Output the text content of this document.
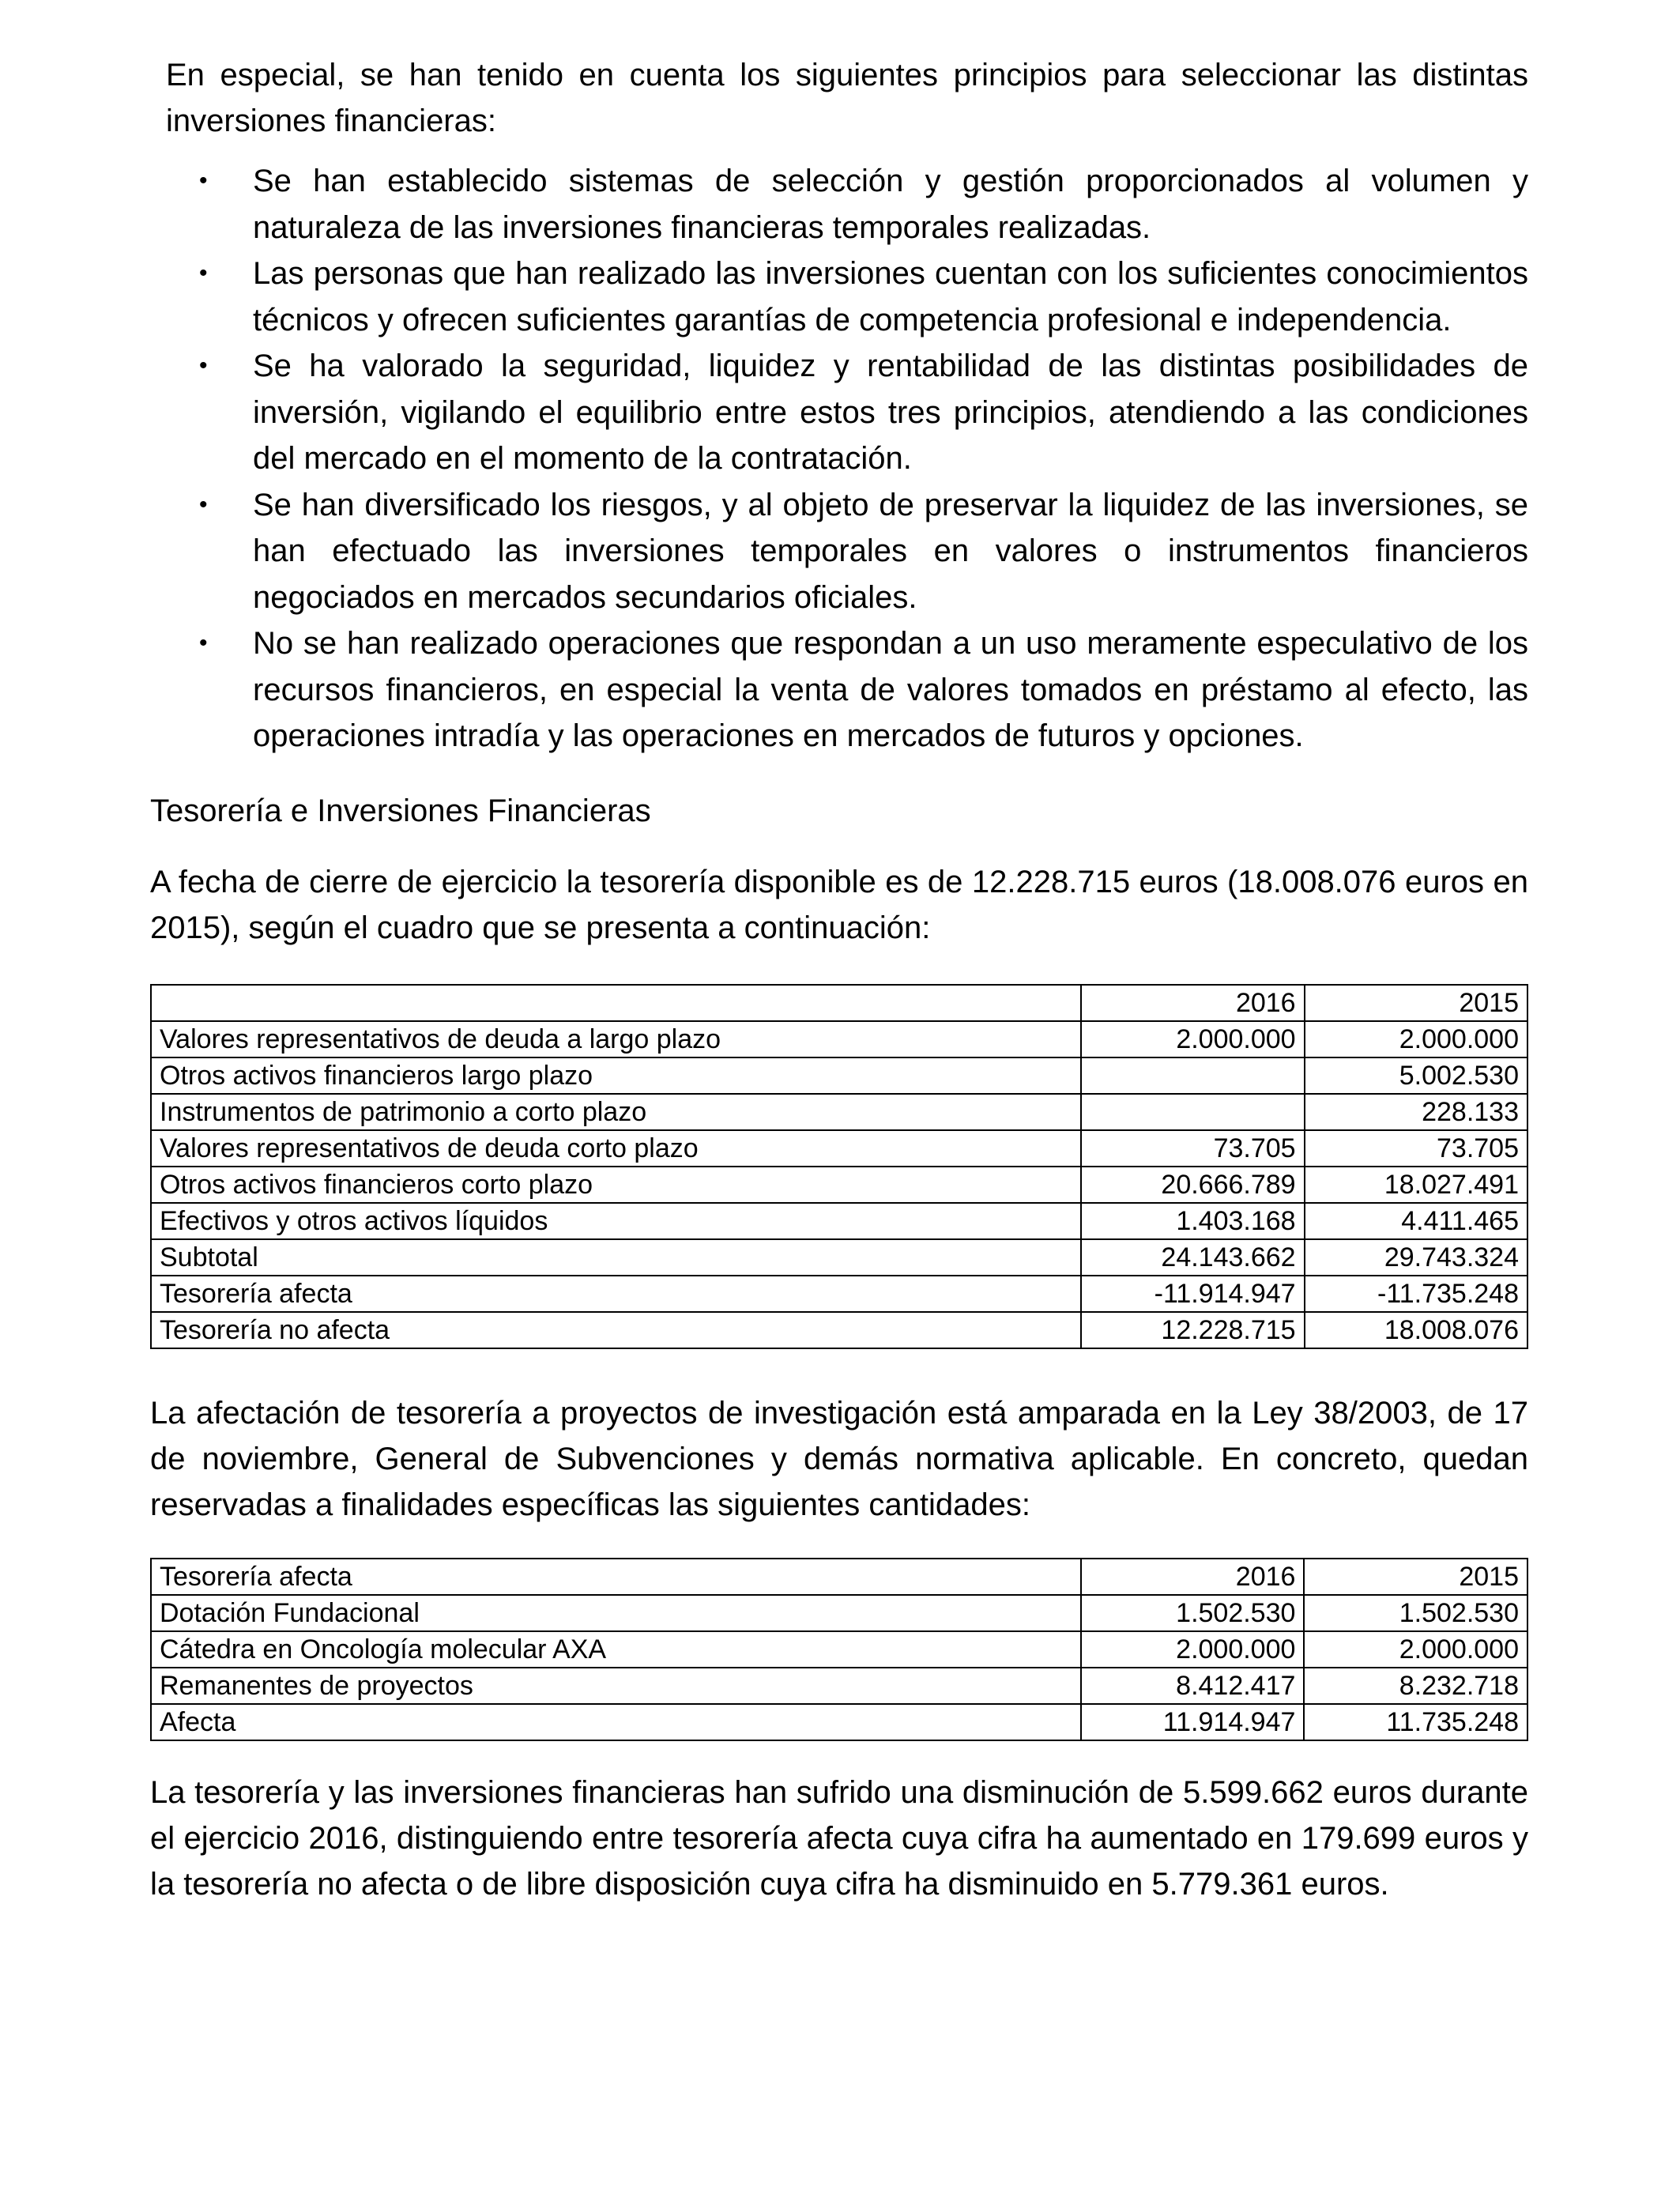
En especial, se han tenido en cuenta los siguientes principios para seleccionar las distintas inversiones financieras:

• Se han establecido sistemas de selección y gestión proporcionados al volumen y naturaleza de las inversiones financieras temporales realizadas.
• Las personas que han realizado las inversiones cuentan con los suficientes conocimientos técnicos y ofrecen suficientes garantías de competencia profesional e independencia.
• Se ha valorado la seguridad, liquidez y rentabilidad de las distintas posibilidades de inversión, vigilando el equilibrio entre estos tres principios, atendiendo a las condiciones del mercado en el momento de la contratación.
• Se han diversificado los riesgos, y al objeto de preservar la liquidez de las inversiones, se han efectuado las inversiones temporales en valores o instrumentos financieros negociados en mercados secundarios oficiales.
• No se han realizado operaciones que respondan a un uso meramente especulativo de los recursos financieros, en especial la venta de valores tomados en préstamo al efecto, las operaciones intradía y las operaciones en mercados de futuros y opciones.

Tesorería e Inversiones Financieras

A fecha de cierre de ejercicio la tesorería disponible es de 12.228.715 euros (18.008.076 euros en 2015), según el cuadro que se presenta a continuación:

	2016	2015
Valores representativos de deuda a largo plazo	2.000.000	2.000.000
Otros activos financieros largo plazo		5.002.530
Instrumentos de patrimonio a corto plazo		228.133
Valores representativos de deuda corto plazo	73.705	73.705
Otros activos financieros corto plazo	20.666.789	18.027.491
Efectivos y otros activos líquidos	1.403.168	4.411.465
Subtotal	24.143.662	29.743.324
Tesorería afecta	-11.914.947	-11.735.248
Tesorería no afecta	12.228.715	18.008.076

La afectación de tesorería a proyectos de investigación está amparada en la Ley 38/2003, de 17 de noviembre, General de Subvenciones y demás normativa aplicable. En concreto, quedan reservadas a finalidades específicas las siguientes cantidades:

Tesorería afecta	2016	2015
Dotación Fundacional	1.502.530	1.502.530
Cátedra en Oncología molecular AXA	2.000.000	2.000.000
Remanentes de proyectos	8.412.417	8.232.718
Afecta	11.914.947	11.735.248

La tesorería y las inversiones financieras han sufrido una disminución de 5.599.662 euros durante el ejercicio 2016, distinguiendo entre tesorería afecta cuya cifra ha aumentado en 179.699 euros y la tesorería no afecta o de libre disposición cuya cifra ha disminuido en 5.779.361 euros.
